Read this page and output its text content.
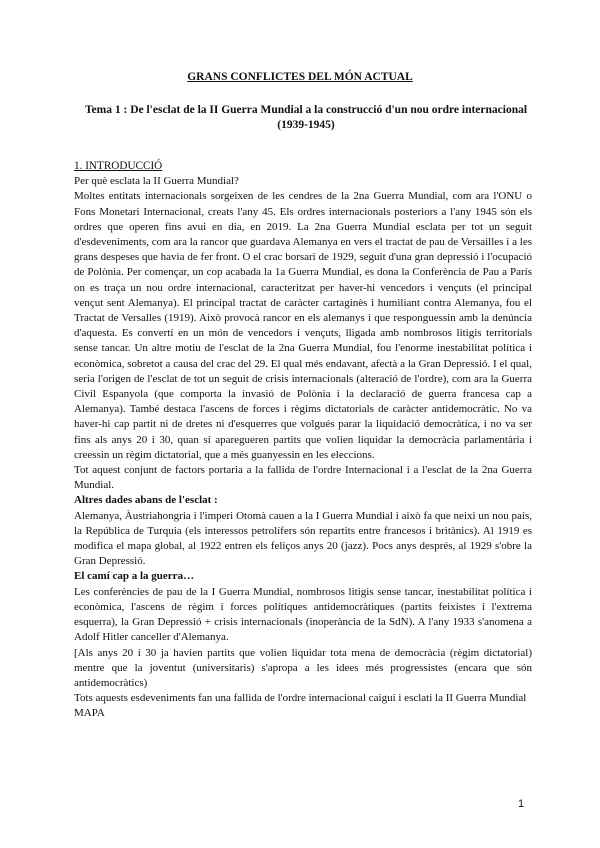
GRANS CONFLICTES DEL MÓN ACTUAL
Tema 1 : De l'esclat de la II Guerra Mundial a la construcció d'un nou ordre internacional (1939-1945)

1. INTRODUCCIÓ

Per què esclata la II Guerra Mundial?

Moltes entitats internacionals sorgeixen de les cendres de la 2na Guerra Mundial, com ara l'ONU o Fons Monetari Internacional, creats l'any 45. Els ordres internacionals posteriors a l'any 1945 són els ordres que operen fins avui en dia, en 2019. La 2na Guerra Mundial esclata per tot un seguit d'esdeveniments, com ara la rancor que guardava Alemanya en vers el tractat de pau de Versailles i a les grans despeses que havia de fer front. O el crac borsari de 1929, seguit d'una gran depressió i l'ocupació de Polònia. Per començar, un cop acabada la 1a Guerra Mundial, es dona la Conferència de Pau a París on es traça un nou ordre internacional, caracteritzat per haver-hi vencedors i vençuts (el principal vençut sent Alemanya). El principal tractat de caràcter cartaginès i humiliant contra Alemanya, fou el Tractat de Versalles (1919). Això provocà rancor en els alemanys i que responguessin amb la denúncia d'aquesta. Es convertí en un món de vencedors i vençuts, lligada amb nombrosos litigis territorials sense tancar. Un altre motiu de l'esclat de la 2na Guerra Mundial, fou l'enorme inestabilitat política i econòmica, sobretot a causa del crac del 29. El qual més endavant, afectà a la Gran Depressió. I el qual, seria l'origen de l'esclat de tot un seguit de crisis internacionals (alteració de l'ordre), com ara la Guerra Civil Espanyola (que comporta la invasió de Polònia i la declaració de guerra francesa cap a Alemanya). També destaca l'ascens de forces i règims dictatorials de caràcter antidemocràtic. No va haver-hi cap partit ni de dretes ni d'esquerres que volgués parar la liquidació democràtica, i no va ser fins als anys 20 i 30, quan sí aparegueren partits que volien liquidar la democràcia parlamentària i creessin un règim dictatorial, que a més guanyessin en les eleccions.

Tot aquest conjunt de factors portaria a la fallida de l'ordre Internacional i a l'esclat de la 2na Guerra Mundial.

Altres dades abans de l'esclat :

Alemanya, Àustriahongria i l'imperi Otomà cauen a la I Guerra Mundial i això fa que neixi un nou país, la República de Turquia (els interessos petrolífers són repartits entre francesos i britànics). Al 1919 es modifica el mapa global, al 1922 entren els feliços anys 20 (jazz). Pocs anys després, al 1929 s'obre la Gran Depressió.

El camí cap a la guerra…

Les conferències de pau de la I Guerra Mundial, nombrosos litigis sense tancar, inestabilitat política i econòmica, l'ascens de règim i forces polítiques antidemocràtiques (partits feixistes i l'extrema esquerra), la Gran Depressió + crisis internacionals (inoperància de la SdN). A l'any 1933 s'anomena a Adolf Hitler canceller d'Alemanya.

[Als anys 20 i 30 ja havien partits que volien liquidar tota mena de democràcia (règim dictatorial) mentre que la joventut (universitaris) s'apropa a les idees més progressistes (encara que són antidemocràtics)

Tots aquests esdeveniments fan una fallida de l'ordre internacional caigui i esclati la II Guerra Mundial

MAPA

1
